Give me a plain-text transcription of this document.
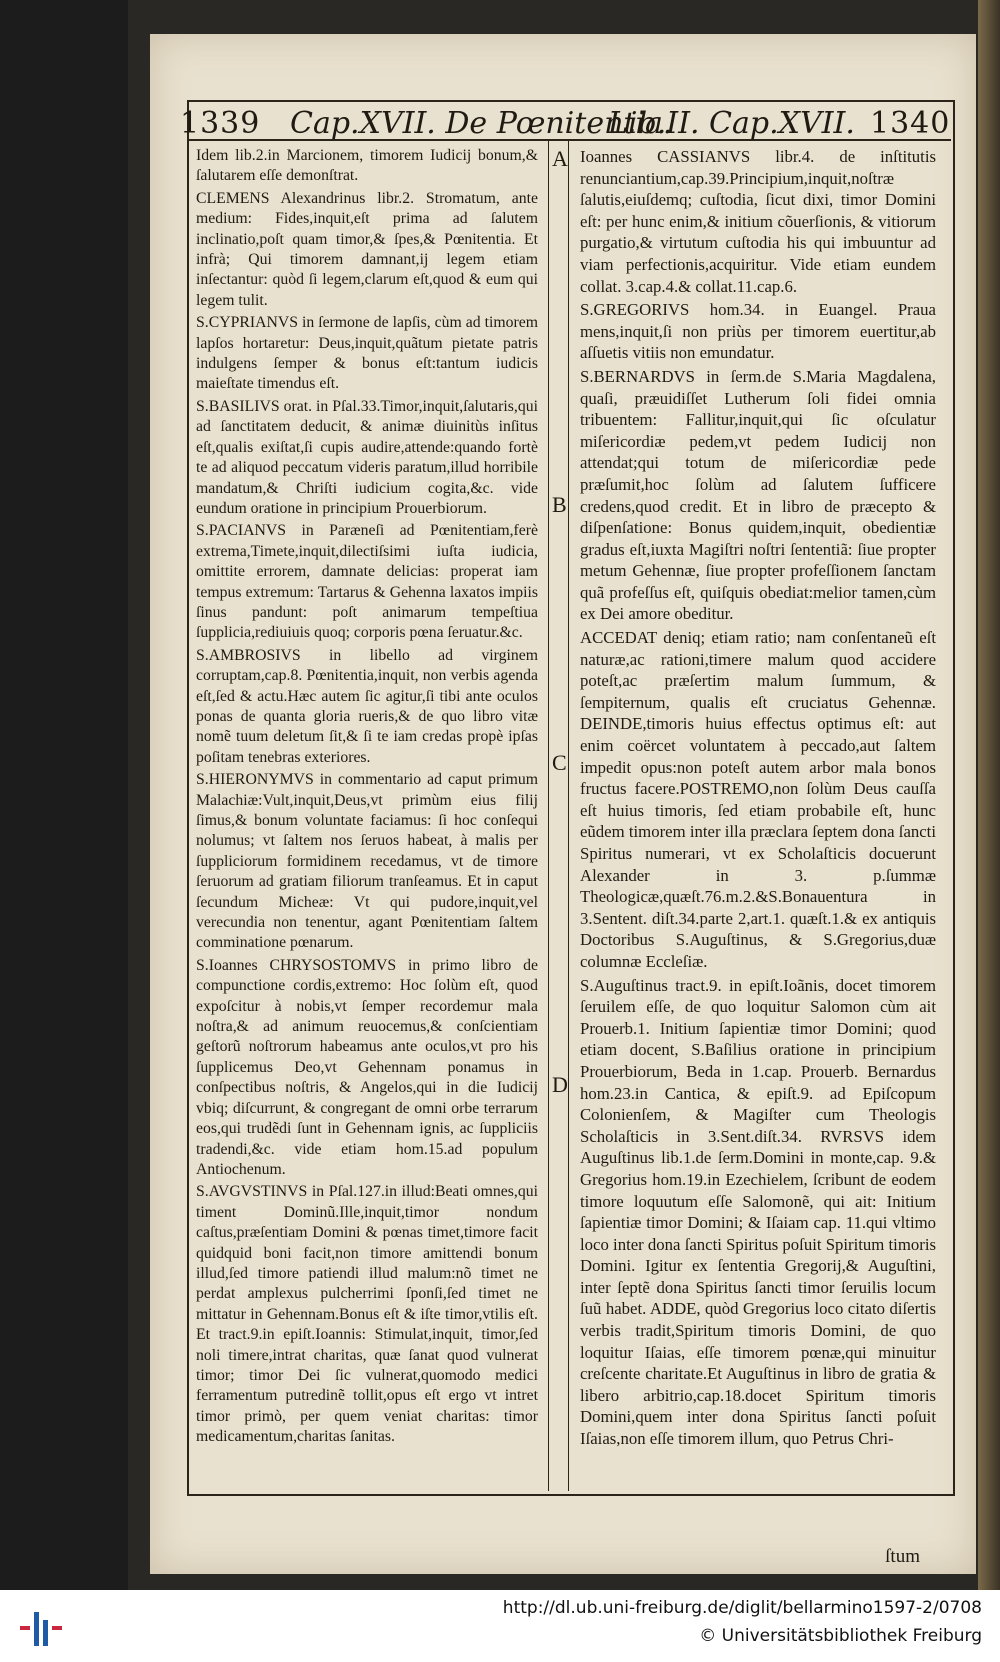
1339 Cap.XVII. De Pœnitentia.
Lib.II. Cap.XVII. 1340

Idem lib.2.in Marcionem, timorem Iudicij bonum,& ſalutarem eſſe demonſtrat.

CLEMENS Alexandrinus libr.2. Stromatum, ante medium: Fides,inquit,eſt prima ad ſalutem inclinatio,poſt quam timor,& ſpes,& Pœnitentia. Et infrà; Qui timorem damnant,ij legem etiam inſectantur: quòd ſi legem,clarum eſt,quod & eum qui legem tulit.

S.CYPRIANVS in ſermone de lapſis, cùm ad timorem lapſos hortaretur: Deus,inquit,quãtum pietate patris indulgens ſemper & bonus eſt:tantum iudicis maieſtate timendus eſt.

S.BASILIVS orat. in Pſal.33.Timor,inquit,ſalutaris,qui ad ſanctitatem deducit, & animæ diuinitùs inſitus eſt,qualis exiſtat,ſi cupis audire,attende:quando fortè te ad aliquod peccatum videris paratum,illud horribile mandatum,& Chriſti iudicium cogita,&c. vide eundum oratione in principium Prouerbiorum.

S.PACIANVS in Paræneſi ad Pœnitentiam,ferè extrema,Timete,inquit,dilectiſsimi iuſta iudicia, omittite errorem, damnate delicias: properat iam tempus extremum: Tartarus & Gehenna laxatos impiis ſinus pandunt: poſt animarum tempeſtiua ſupplicia,rediuiuis quoq; corporis pœna ſeruatur.&c.

S.AMBROSIVS in libello ad virginem corruptam,cap.8. Pœnitentia,inquit, non verbis agenda eſt,ſed & actu.Hæc autem ſic agitur,ſi tibi ante oculos ponas de quanta gloria rueris,& de quo libro vitæ nomẽ tuum deletum ſit,& ſi te iam credas propè ipſas poſitam tenebras exteriores.

S.HIERONYMVS in commentario ad caput primum Malachiæ:Vult,inquit,Deus,vt primùm eius filij ſimus,& bonum voluntate faciamus: ſi hoc conſequi nolumus; vt ſaltem nos ſeruos habeat, à malis per ſuppliciorum formidinem recedamus, vt de timore ſeruorum ad gratiam filiorum tranſeamus. Et in caput ſecundum Micheæ: Vt qui pudore,inquit,vel verecundia non tenentur, agant Pœnitentiam ſaltem comminatione pœnarum.

S.Ioannes CHRYSOSTOMVS in primo libro de compunctione cordis,extremo: Hoc ſolùm eſt, quod expoſcitur à nobis,vt ſemper recordemur mala noſtra,& ad animum reuocemus,& conſcientiam geſtorũ noſtrorum habeamus ante oculos,vt pro his ſupplicemus Deo,vt Gehennam ponamus in conſpectibus noſtris, & Angelos,qui in die Iudicij vbiq; diſcurrunt, & congregant de omni orbe terrarum eos,qui trudẽdi ſunt in Gehennam ignis, ac ſuppliciis tradendi,&c. vide etiam hom.15.ad populum Antiochenum.

S.AVGVSTINVS in Pſal.127.in illud:Beati omnes,qui timent Dominũ.Ille,inquit,timor nondum caſtus,præſentiam Domini & pœnas timet,timore facit quidquid boni facit,non timore amittendi bonum illud,ſed timore patiendi illud malum:nõ timet ne perdat amplexus pulcherrimi ſponſi,ſed timet ne mittatur in Gehennam.Bonus eſt & iſte timor,vtilis eſt. Et tract.9.in epiſt.Ioannis: Stimulat,inquit, timor,ſed noli timere,intrat charitas, quæ ſanat quod vulnerat timor; timor Dei ſic vulnerat,quomodo medici ferramentum putredinẽ tollit,opus eſt ergo vt intret timor primò, per quem veniat charitas: timor medicamentum,charitas ſanitas.

A
B
C
D

Ioannes CASSIANVS libr.4. de inſtitutis renunciantium,cap.39.Principium,inquit,noſtræ ſalutis,eiuſdemq; cuſtodia, ſicut dixi, timor Domini eſt: per hunc enim,& initium cõuerſionis, & vitiorum purgatio,& virtutum cuſtodia his qui imbuuntur ad viam perfectionis,acquiritur. Vide etiam eundem collat. 3.cap.4.& collat.11.cap.6.

S.GREGORIVS hom.34. in Euangel. Praua mens,inquit,ſi non priùs per timorem euertitur,ab aſſuetis vitiis non emundatur.

S.BERNARDVS in ſerm.de S.Maria Magdalena, quaſi, præuidiſſet Lutherum ſoli fidei omnia tribuentem: Fallitur,inquit,qui ſic oſculatur miſericordiæ pedem,vt pedem Iudicij non attendat;qui totum de miſericordiæ pede præſumit,hoc ſolùm ad ſalutem ſufficere credens,quod credit. Et in libro de præcepto & diſpenſatione: Bonus quidem,inquit, obedientiæ gradus eſt,iuxta Magiſtri noſtri ſententiã: ſiue propter metum Gehennæ, ſiue propter profeſſionem ſanctam quã profeſſus eſt, quiſquis obediat:melior tamen,cùm ex Dei amore obeditur.

ACCEDAT deniq; etiam ratio; nam conſentaneũ eſt naturæ,ac rationi,timere malum quod accidere poteſt,ac præſertim malum ſummum, & ſempiternum, qualis eſt cruciatus Gehennæ. DEINDE,timoris huius effectus optimus eſt: aut enim coërcet voluntatem à peccado,aut ſaltem impedit opus:non poteſt autem arbor mala bonos fructus facere.POSTREMO,non ſolùm Deus cauſſa eſt huius timoris, ſed etiam probabile eſt, hunc eũdem timorem inter illa præclara ſeptem dona ſancti Spiritus numerari, vt ex Scholaſticis docuerunt Alexander in 3. p.ſummæ Theologicæ,quæſt.76.m.2.&S.Bonauentura in 3.Sentent. diſt.34.parte 2,art.1. quæſt.1.& ex antiquis Doctoribus S.Auguſtinus, & S.Gregorius,duæ columnæ Eccleſiæ.

S.Auguſtinus tract.9. in epiſt.Ioãnis, docet timorem ſeruilem eſſe, de quo loquitur Salomon cùm ait Prouerb.1. Initium ſapientiæ timor Domini; quod etiam docent, S.Baſilius oratione in principium Prouerbiorum, Beda in 1.cap. Prouerb. Bernardus hom.23.in Cantica, & epiſt.9. ad Epiſcopum Colonienſem, & Magiſter cum Theologis Scholaſticis in 3.Sent.diſt.34. RVRSVS idem Auguſtinus lib.1.de ſerm.Domini in monte,cap. 9.& Gregorius hom.19.in Ezechielem, ſcribunt de eodem timore loquutum eſſe Salomonẽ, qui ait: Initium ſapientiæ timor Domini; & Iſaiam cap. 11.qui vltimo loco inter dona ſancti Spiritus poſuit Spiritum timoris Domini. Igitur ex ſententia Gregorij,& Auguſtini, inter ſeptẽ dona Spiritus ſancti timor ſeruilis locum ſuũ habet. ADDE, quòd Gregorius loco citato diſertis verbis tradit,Spiritum timoris Domini, de quo loquitur Iſaias, eſſe timorem pœnæ,qui minuitur creſcente charitate.Et Auguſtinus in libro de gratia & libero arbitrio,cap.18.docet Spiritum timoris Domini,quem inter dona Spiritus ſancti poſuit Iſaias,non eſſe timorem illum, quo Petrus Chri-

ſtum
http://dl.ub.uni-freiburg.de/diglit/bellarmino1597-2/0708
© Universitätsbibliothek Freiburg
